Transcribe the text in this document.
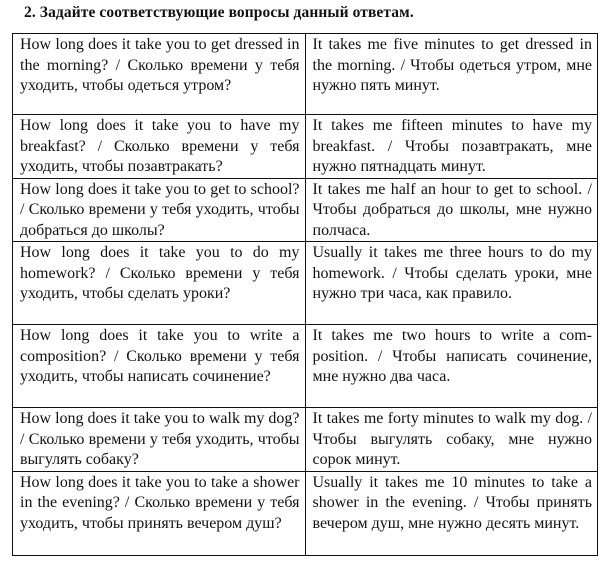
2. Задайте соответствующие вопросы данный ответам.
How long does it take you to get dressed in the morning? / Сколько времени у тебя уходить, чтобы одеться утром?	It takes me five minutes to get dressed in the morning. / Чтобы одеться утром, мне нужно пять минут.
How long does it take you to have my breakfast? / Сколько времени у тебя уходить, чтобы позавтракать?	It takes me fifteen minutes to have my breakfast. / Чтобы позавтракать, мне нужно пятнадцать минут.
How long does it take you to get to school? / Сколько времени у тебя уходить, чтобы добраться до школы?	It takes me half an hour to get to school. / Чтобы добраться до школы, мне нужно полчаса.
How long does it take you to do my homework? / Сколько времени у тебя уходить, чтобы сделать уроки?	Usually it takes me three hours to do my homework. / Чтобы сделать уроки, мне нужно три часа, как правило.
How long does it take you to write a composition? / Сколько времени у тебя уходить, чтобы написать сочинение?	It takes me two hours to write a composition. / Чтобы написать сочинение, мне нужно два часа.
How long does it take you to walk my dog? / Сколько времени у тебя уходить, чтобы выгулять собаку?	It takes me forty minutes to walk my dog. / Чтобы выгулять собаку, мне нужно сорок минут.
How long does it take you to take a shower in the evening? / Сколько времени у тебя уходить, чтобы принять вечером душ?	Usually it takes me 10 minutes to take a shower in the evening. / Чтобы принять вечером душ, мне нужно десять минут.
